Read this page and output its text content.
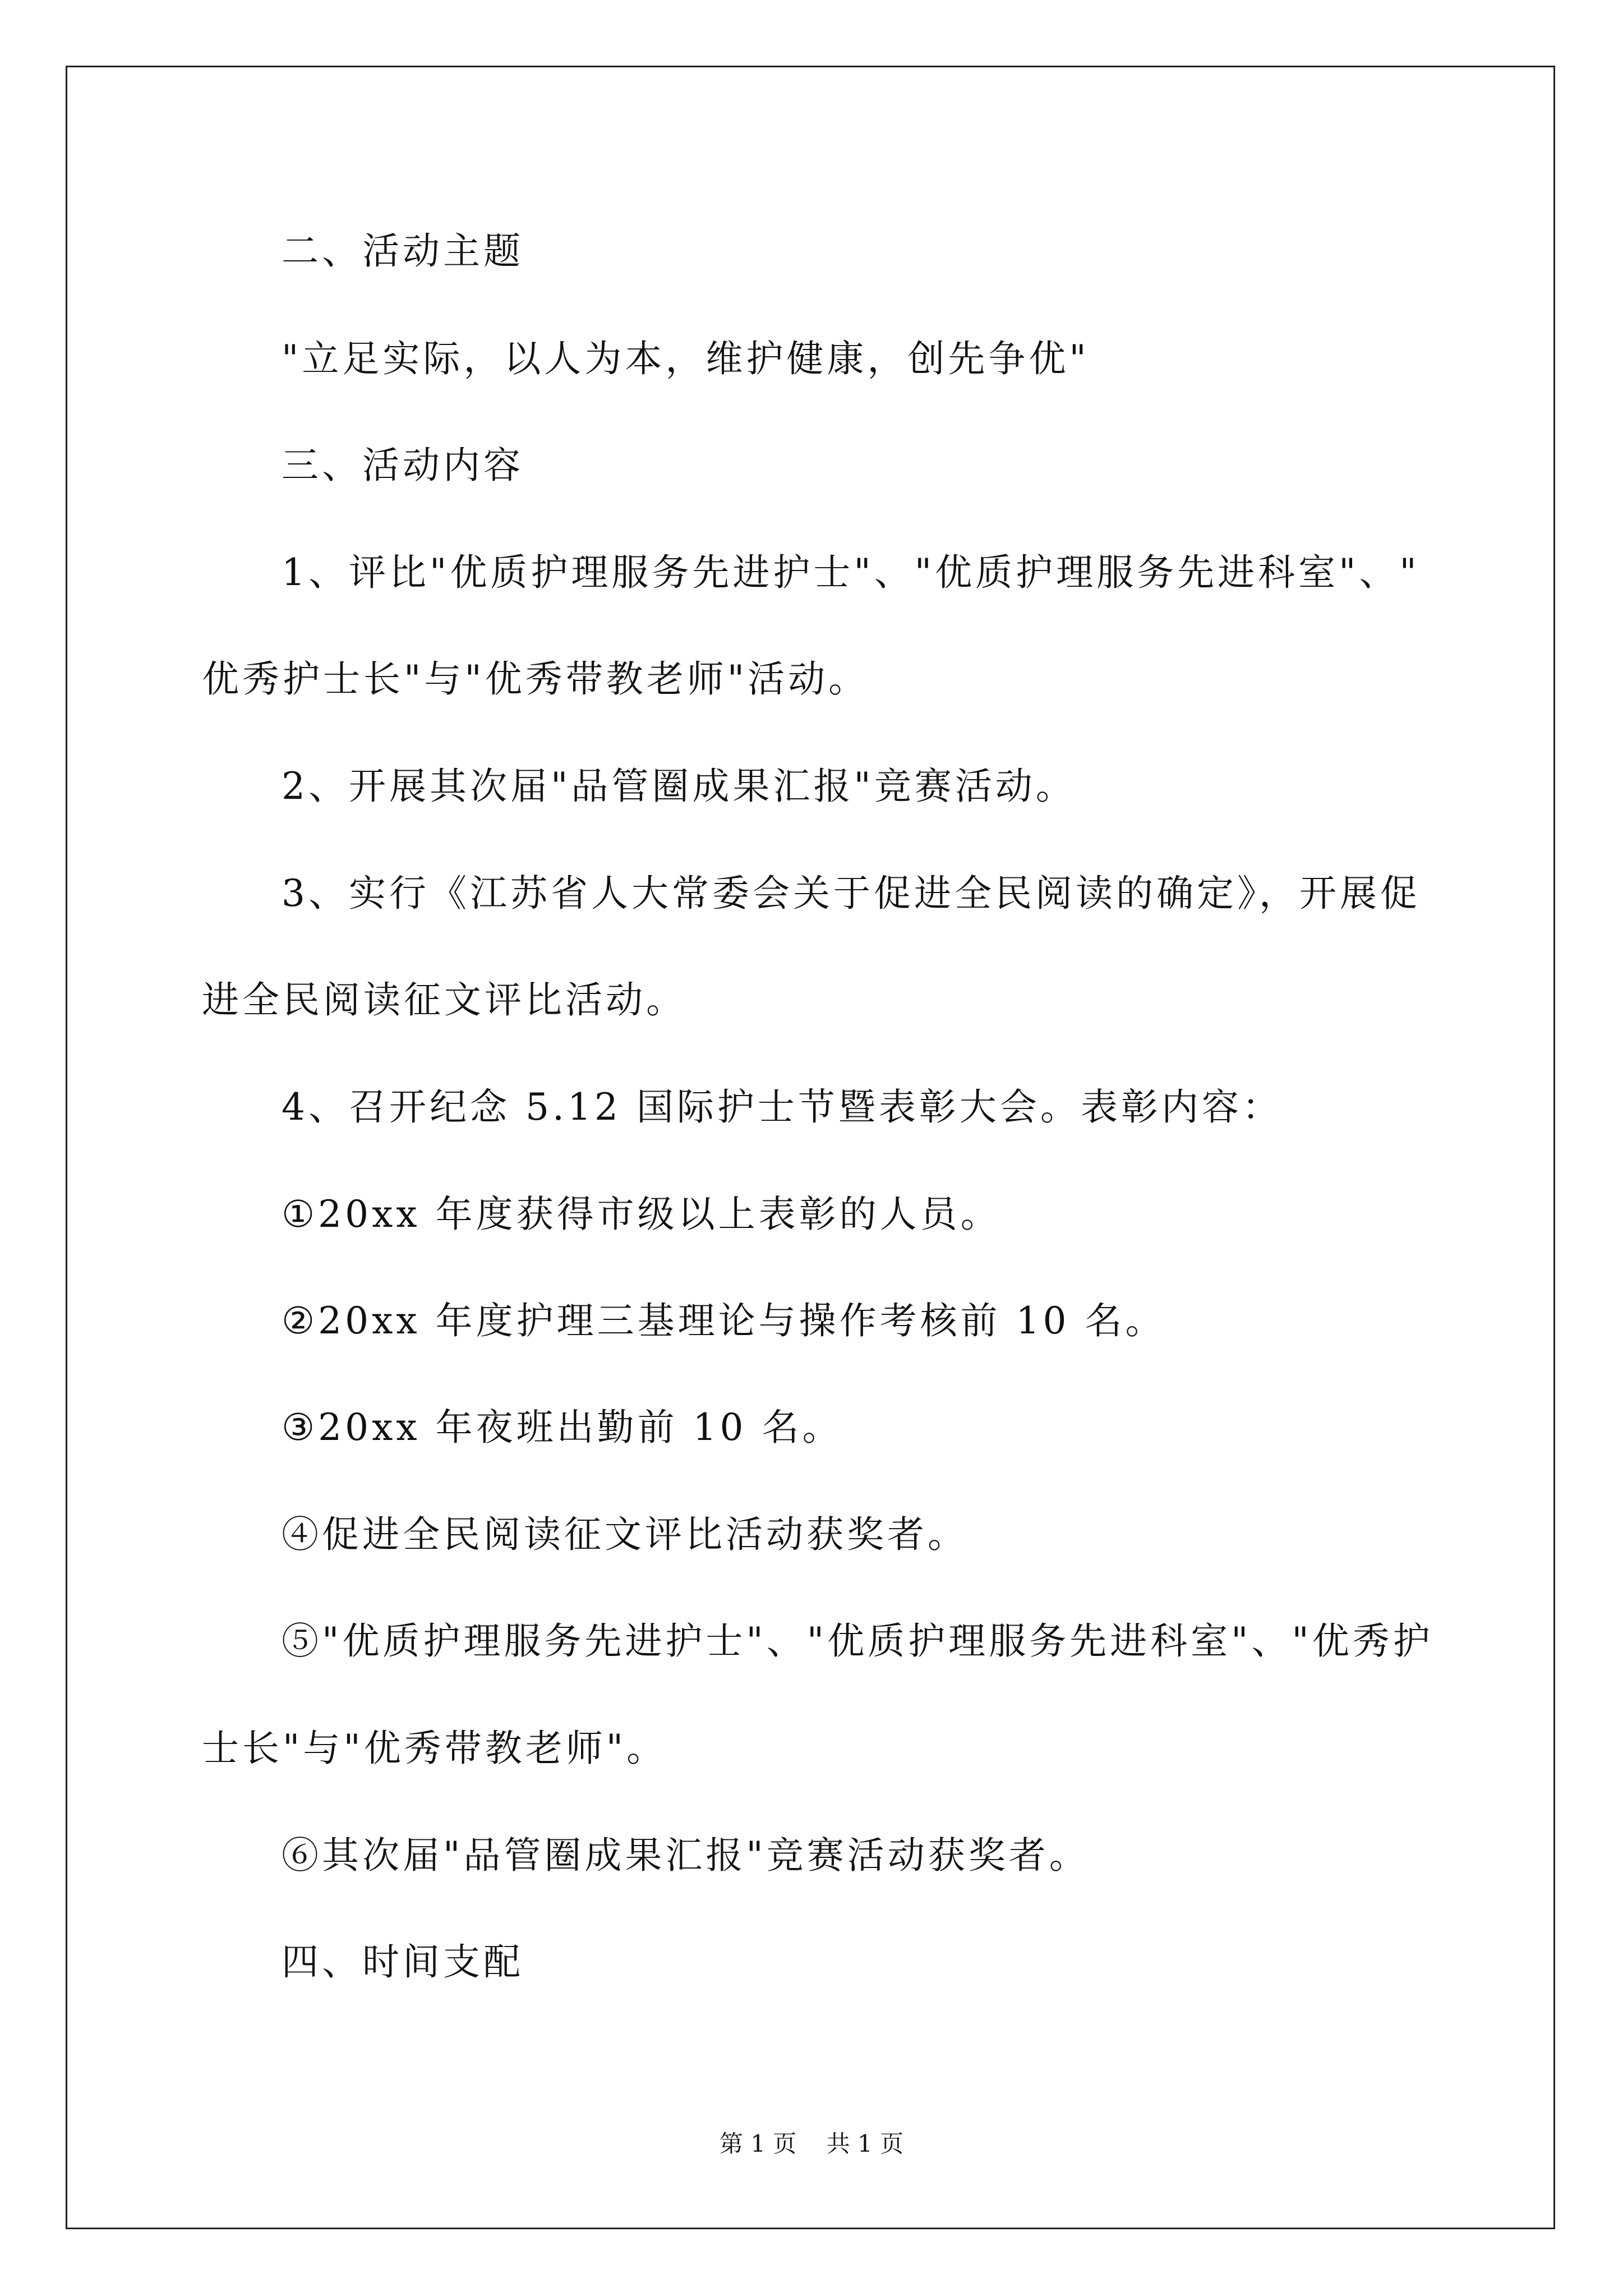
二、活动主题
"立足实际，以人为本，维护健康，创先争优"
三、活动内容
1、评比"优质护理服务先进护士"、"优质护理服务先进科室"、"
优秀护士长"与"优秀带教老师"活动。
2、开展其次届"品管圈成果汇报"竞赛活动。
3、实行《江苏省人大常委会关于促进全民阅读的确定》，开展促
进全民阅读征文评比活动。
4、召开纪念 5.12 国际护士节暨表彰大会。表彰内容：
①20xx 年度获得市级以上表彰的人员。
②20xx 年度护理三基理论与操作考核前 10 名。
③20xx 年夜班出勤前 10 名。
④促进全民阅读征文评比活动获奖者。
⑤"优质护理服务先进护士"、"优质护理服务先进科室"、"优秀护
士长"与"优秀带教老师"。
⑥其次届"品管圈成果汇报"竞赛活动获奖者。
四、时间支配
第 1 页    共 1 页
